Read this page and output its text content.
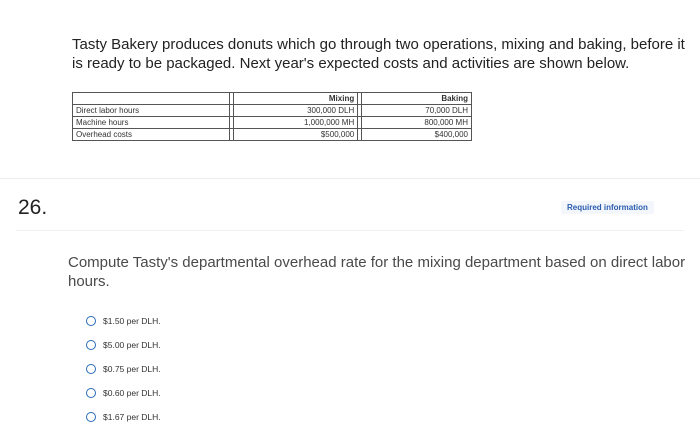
Tasty Bakery produces donuts which go through two operations, mixing and baking, before it is ready to be packaged. Next year's expected costs and activities are shown below.
		Mixing		Baking
Direct labor hours		300,000 DLH		70,000 DLH
Machine hours		1,000,000 MH		800,000 MH
Overhead costs		$500,000		$400,000
26.	Required information
Compute Tasty's departmental overhead rate for the mixing department based on direct labor hours.
$1.50 per DLH.
$5.00 per DLH.
$0.75 per DLH.
$0.60 per DLH.
$1.67 per DLH.
